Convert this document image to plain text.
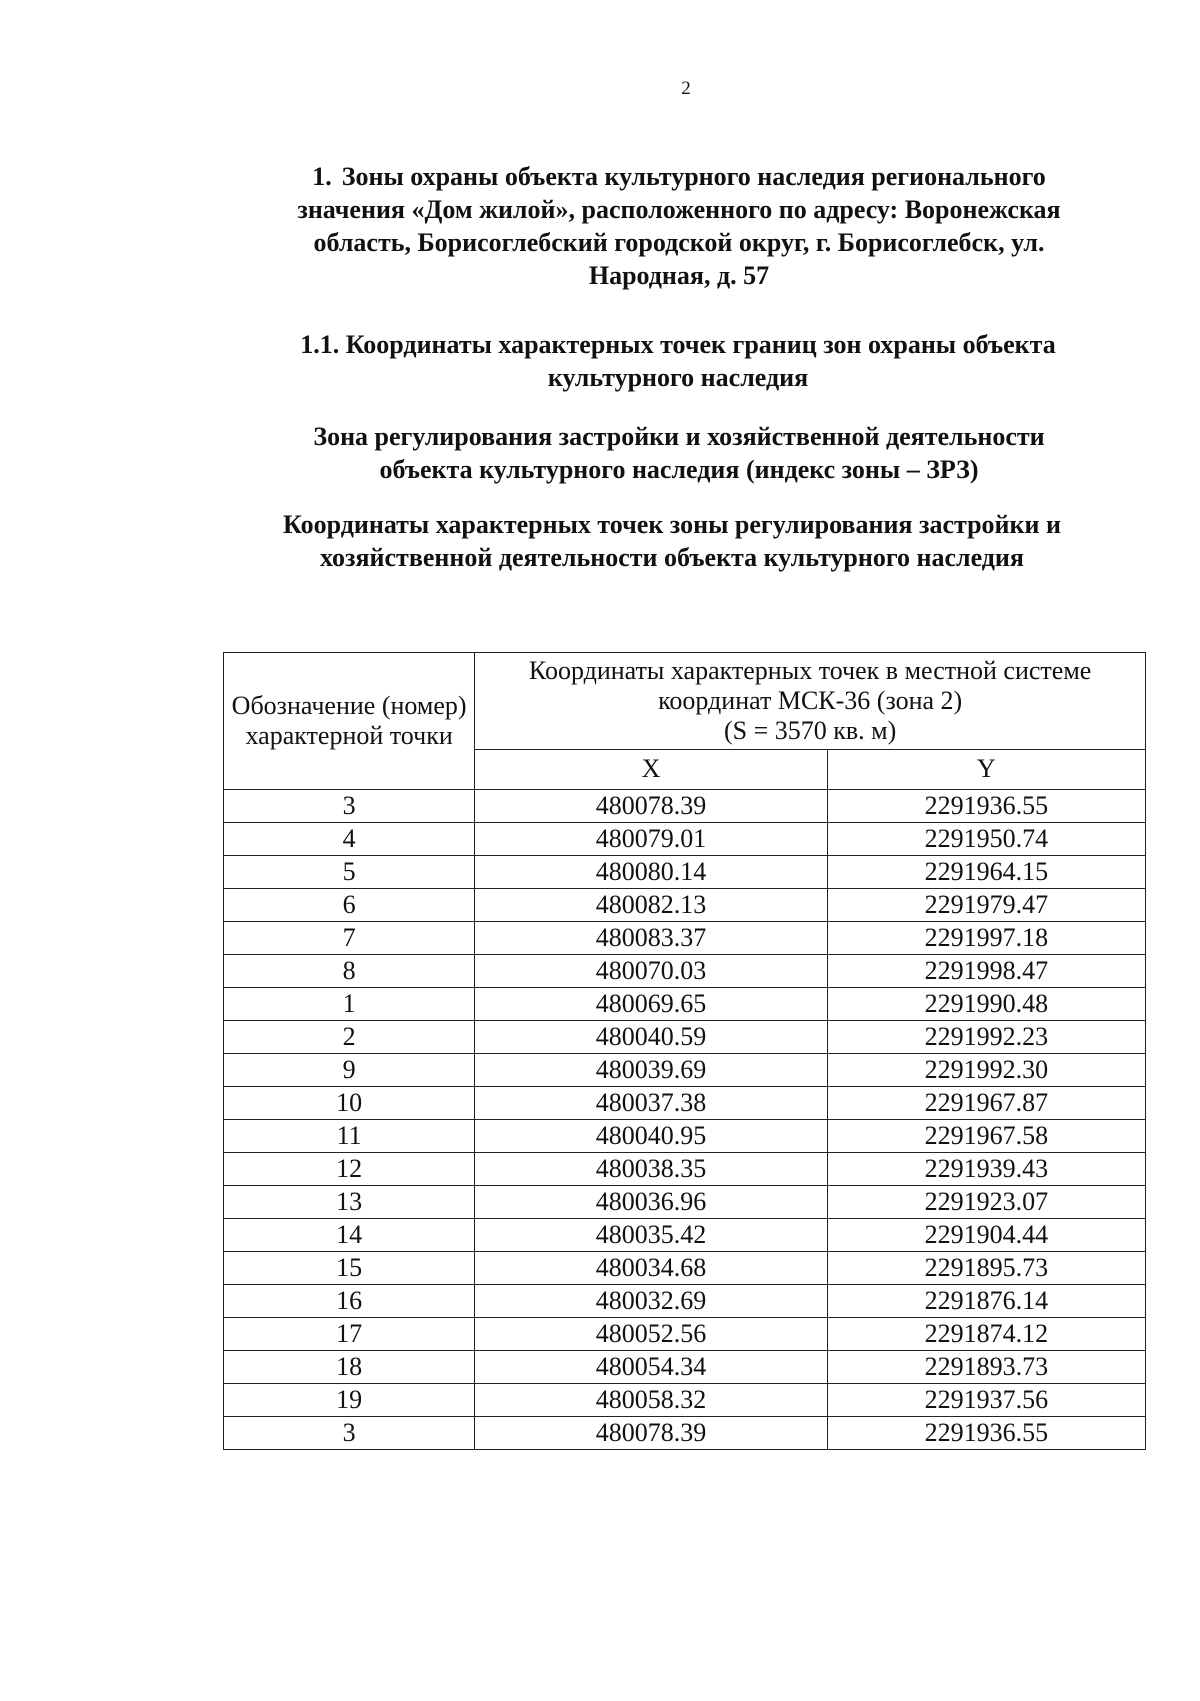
2
1. Зоны охраны объекта культурного наследия регионального значения «Дом жилой», расположенного по адресу: Воронежская область, Борисоглебский городской округ, г. Борисоглебск, ул. Народная, д. 57
1.1. Координаты характерных точек границ зон охраны объекта культурного наследия
Зона регулирования застройки и хозяйственной деятельности объекта культурного наследия (индекс зоны – ЗРЗ)
Координаты характерных точек зоны регулирования застройки и хозяйственной деятельности объекта культурного наследия
Обозначение (номер) характерной точки	Координаты характерных точек в местной системе координат МСК-36 (зона 2)
(S = 3570 кв. м)	
	X	Y
3	480078.39	2291936.55
4	480079.01	2291950.74
5	480080.14	2291964.15
6	480082.13	2291979.47
7	480083.37	2291997.18
8	480070.03	2291998.47
1	480069.65	2291990.48
2	480040.59	2291992.23
9	480039.69	2291992.30
10	480037.38	2291967.87
11	480040.95	2291967.58
12	480038.35	2291939.43
13	480036.96	2291923.07
14	480035.42	2291904.44
15	480034.68	2291895.73
16	480032.69	2291876.14
17	480052.56	2291874.12
18	480054.34	2291893.73
19	480058.32	2291937.56
3	480078.39	2291936.55
